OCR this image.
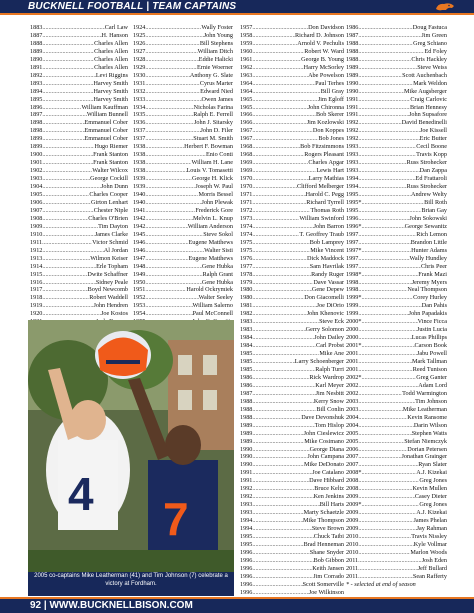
BUCKNELL FOOTBALL | TEAM CAPTAINS
1883 .....	Carl Law
1887 .....	H. Hanson
1888 .....	Charles Allen
1889 .....	Charles Allen
1890 .....	Charles Allen
1891 .....	Charles Allen
1892 .....	Levi Riggins
1893 .....	Harvey Smith
1894 .....	Harvey Smith
1895 .....	Harvey Smith
1896 .....	William Kauffman
1897 .....	William Bunnell
1898 .....	Emmanuel Cober
1898 .....	Emmanuel Cober
1899 .....	Emmanuel Cober
1899 .....	Hugo Riemer
1900 .....	Frank Stanton
1901 .....	Frank Stanton
1902 .....	Walter Wilcox
1903 .....	George Cockill
1904 .....	John Dunn
1905 .....	Charles Cooper
1906 .....	Girton Lenhart
1907 .....	Chester Niple
1908 .....	Charles O'Brien
1909 .....	Tim Dayton
1910 .....	James Clarke
1911 .....	Victor Schmid
1912 .....	Al Jordan
1913 .....	Wilmon Keiser
1914 .....	Erle Topham
1915 .....	Dwite Schaffner
1916 .....	Sidney Peale
1917 .....	Boyd Newcomb
1918 .....	Robert Waddell
1919 .....	John Hendren
1920 .....	Joe Kostos
.....
.....
.....
1924 .....	Wally Foster
1925 .....	John Young
1926 .....	Bill Stephens
1927 .....	William Ditch
1928 .....	Eddie Halicki
1929 .....	Ernie Woerner
1930 .....	Anthony G. Slate
1931 .....	Cyrus Marter
1932 .....	Edward Nied
1933 .....	Owen James
1934 .....	Nicholas Farina
1935 .....	Ralph E. Ferrell
1936 .....	John J. Sitarsky
1937 .....	John D. Filer
1937 .....	Stuart M. Smith
1938 .....	Herbert F. Bowman
1938 .....	Enio Conti
1938 .....	William H. Lane
1938 .....	Louis V. Tomasetti
1939 .....	George H. Klick
1939 .....	Joseph W. Paul
1940 .....	Morris Bessel
1940 .....	John Plewak
1941 .....	Frederick Gore
1942 .....	Melvin L. Knup
1942 .....	William Anderson
1945 .....	Steve Sokol
1946 .....	Eugene Matthews
1946 .....	Walter Sisti
1947 .....	Eugene Matthews
1948 .....	Gene Hubka
1949 .....	Ralph Grant
1950 .....	Gene Hubka
1951 .....	Harold Ockrymiek
1952 .....	Walter Seeley
1953 .....	William Salerno
1954 .....	Paul McConnell
.....
.....
1957 .....	Don Davidson
1958 .....	Richard D. Johnson
1959 .....	Arnold V. Pechulis
1960 .....	Robert W. Ward
1961 .....	George B. Young
1962 .....	Harry McSorley
1963 .....	Abe Powelson
1964 .....	Paul Terhes
1964 .....	Bill Gray
1965 .....	Jim Egloff
1965 .....	John Chironna
1966 .....	Bob Skerer
1966 .....	Jim Kozlowski
1967 .....	Don Koppes
1967 .....	Bob Jones
1968 .....	Bob Fitzsimmons
1968 .....	Rogers Pleasant
1969 .....	Charles Apgar
1969 .....	Lewis Hart
1970 .....	Larry Mathias
1970 .....	Clifford Melberger
1971 .....	Harold C. Pegg
1971 .....	Richard Tyrrell
1972 .....	Thomas Roth
1973 .....	William Swinford
1974 .....	John Barron
1974 .....	T. Geoffrey Traub
1975 .....	Bob Lamprey
1975 .....	Mike Vincent
1976 .....	Dick Maddock
1977 .....	Sam Havrilak
1978 .....	Randy Ruger
1979 .....	Dave Vassar
1980 .....	Gene Depew
1980 .....	Don Giacomelli
1981 .....	Joe DiOrio
1982 .....	John Khenovic
1983 .....	Steve Eck
1983 .....	Gerry Solomon
1984 .....	John Dailey
1984 .....	Carl Probst
1985 .....	Mike Ane
1985 .....	Larry Schoenberger
1985 .....	Ralph Turri
1986 .....	Rick Wardrop
1986 .....	Karl Meyer
1987 .....	Jim Nesbitt
1988 .....	Kerry Snow
1988 .....	Bill Conlin
1988 .....	Dave Devonshuk
1989 .....	Tom Hislop
1989 .....	John Cieslewicz
1989 .....	Mike Cosimano
1990 .....	George Diana
1990 .....	John Campana
1990 .....	Mike DeDonato
1991 .....	Joe Catalano
1991 .....	Dave Hibbard
1992 .....	Bruce Keltz
1992 .....	Ken Jenkins
1993 .....	Bill Harts
1993 .....	Marty Schaetzle
1994 .....	Mike Thompson
1994 .....	Steve Brown
1995 .....	Chuck Taibi
1995 .....	Brad Henneman
1996 .....	Shane Snyder
1996 .....	Bob Gibbon
1996 .....	Keith Jansen
1996 .....	Jim Corrado
1996 .....	Scott Somerville
1996 .....	Joe Wilkinson
.....
.....
1986 .....	Doug Fastuca
1987 .....	Jim Green
1988 .....	Greg Schiano
1988 .....	Ed Foley
1988 .....	Chris Hackley
1989 .....	Steve Weiss
1989 .....	Scott Auchenbach
1990 .....	Mark Weldon
1990 .....	Mike Augsberger
1991 .....	Craig Carlovic
1991 .....	Brian Hennesy
1991 .....	John Supsafore
1992 .....	David Benedinelli
1992 .....	Joe Kissell
1992 .....	Eric Butter
1993 .....	Cecil Boone
1993 .....	Travis Kopp
1993 .....	Russ Strohecker
1993 .....	Dan Zappa
1994 .....	Ed Frattaroli
1994 .....	Russ Strohecker
1995 .....	Andrew Welty
1995 * .....	Bill Roth
1995 .....	Brian Gay
1996 .....	John Sokowski
1996 * .....	George Sewanitz
1997 .....	Rich Lemon
1997 .....	Brandon Little
1997 * .....	Hunter Adams
1997 .....	Wally Hundley
1997 .....	Chris Peer
1998 * .....	Frank Mazi
1998 .....	Jeremy Myers
1998 .....	Neal Thompson
1999 * .....	Corey Hurley
1999 .....	Dan Pahis
1999 .....	John Papadakis
2000 * .....	Vince Ficca
2000 .....	Justin Lucia
2000 .....	Lucas Phillips
2001 * .....	Carson Book
2001 .....	Jabu Powell
2001 .....	Mark Tallman
2001 .....	Reed Tunison
2002 * .....	Greg Ganter
2002 .....	Adam Lord
2002 .....	Todd Warmington
2003 .....	Tim Johnson
2003 .....	Mike Leatherman
2004 .....	Kevin Ransome
2004 .....	Darin Wilson
2005 .....	Stephen Watts
2005 .....	Stefan Niemczyk
2006 .....	Dorian Petersen
2007 .....	Jonathan Grainger
2007 .....	Ryan Slater
2008 * .....	A.J. Kizekai
2008 .....	Greg Jones
2008 .....	Kevin Mullen
2009 .....	Casey Dieter
2009 * .....	Greg Jones
2009 .....	A.J. Kizekai
2009 .....	James Phelan
2009 .....	Jay Rahman
2010 .....	Travis Nissley
2010 .....	Kyle Vollmar
2010 .....	Marlon Woods
2011 .....	Josh Eden
2011 .....	Jeff Bullard
2011 .....	Sean Rafferty
* - selected at end of season
4 7
2005 co-captains Mike Leatherman (41) and Tim Johnson (7) celebrate a victory at Fordham.
92 | WWW.BUCKNELLBISON.COM
